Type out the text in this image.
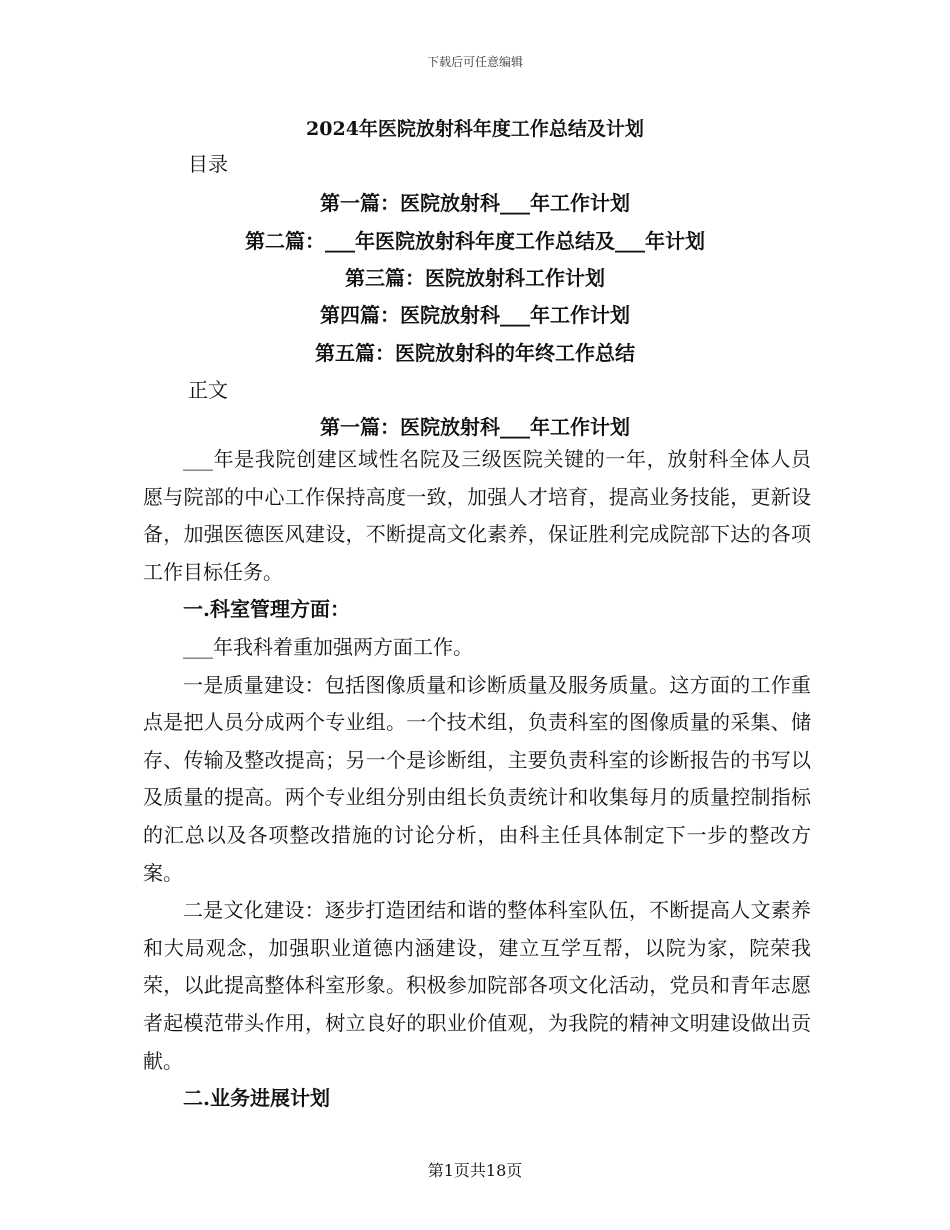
下载后可任意编辑
2024年医院放射科年度工作总结及计划
目录
第一篇：医院放射科___年工作计划
第二篇：___年医院放射科年度工作总结及___年计划
第三篇：医院放射科工作计划
第四篇：医院放射科___年工作计划
第五篇：医院放射科的年终工作总结
正文
第一篇：医院放射科___年工作计划

___年是我院创建区域性名院及三级医院关键的一年，放射科全体人员愿与院部的中心工作保持高度一致，加强人才培育，提高业务技能，更新设备，加强医德医风建设，不断提高文化素养，保证胜利完成院部下达的各项工作目标任务。

一.科室管理方面：

___年我科着重加强两方面工作。

一是质量建设：包括图像质量和诊断质量及服务质量。这方面的工作重点是把人员分成两个专业组。一个技术组，负责科室的图像质量的采集、储存、传输及整改提高；另一个是诊断组，主要负责科室的诊断报告的书写以及质量的提高。两个专业组分别由组长负责统计和收集每月的质量控制指标的汇总以及各项整改措施的讨论分析，由科主任具体制定下一步的整改方案。

二是文化建设：逐步打造团结和谐的整体科室队伍，不断提高人文素养和大局观念，加强职业道德内涵建设，建立互学互帮，以院为家，院荣我荣，以此提高整体科室形象。积极参加院部各项文化活动，党员和青年志愿者起模范带头作用，树立良好的职业价值观，为我院的精神文明建设做出贡献。

二.业务进展计划

第1页共18页
